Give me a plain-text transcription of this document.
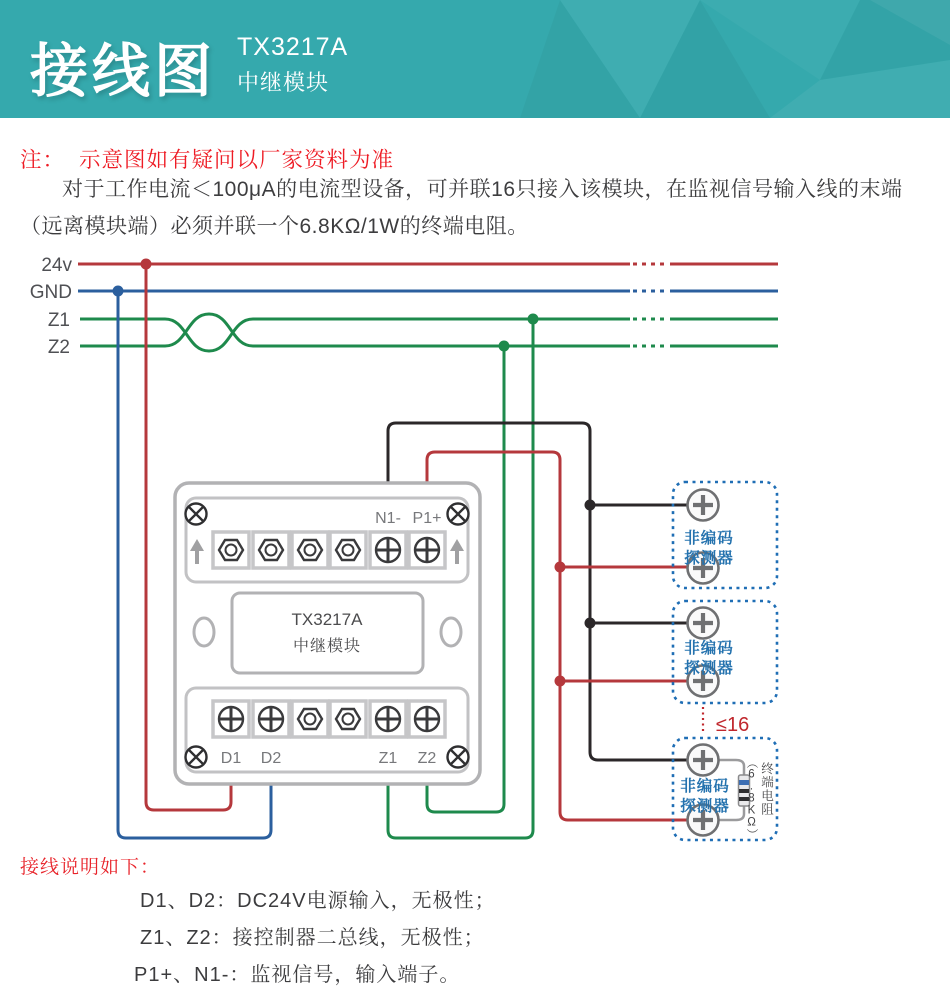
接线图 TX3217A
中继模块
注： 示意图如有疑问以厂家资料为准
对于工作电流＜100μA的电流型设备，可并联16只接入该模块，在监视信号输入线的末端（远离模块端）必须并联一个6.8KΩ/1W的终端电阻。
24v
GND
Z1
Z2
TX3217A
中继模块
N1- P1+
D1 D2	Z1 Z2
非编码
探测器
非编码
探测器
≤16
非编码
探测器 （6.8KΩ） 终端电阻
接线说明如下：
D1、D2：DC24V电源输入，无极性；
Z1、Z2：接控制器二总线，无极性；
P1+、N1-：监视信号，输入端子。
